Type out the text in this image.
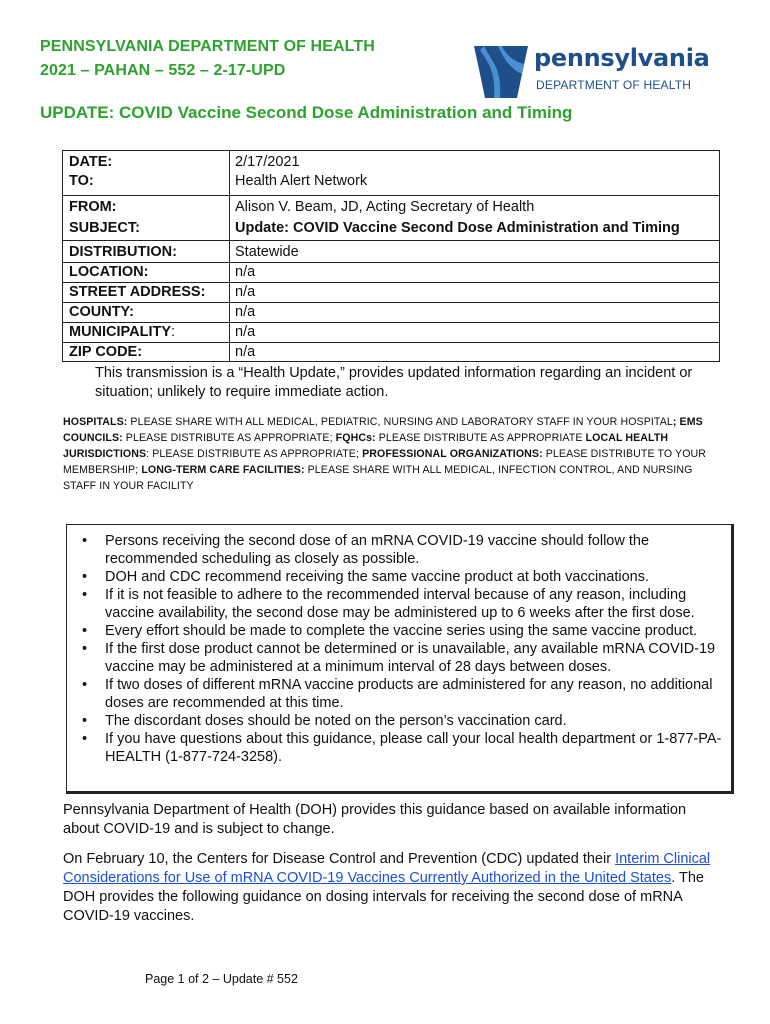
PENNSYLVANIA DEPARTMENT OF HEALTH
2021 – PAHAN – 552 – 2-17-UPD	pennsylvania
DEPARTMENT OF HEALTH
UPDATE: COVID Vaccine Second Dose Administration and Timing
DATE:	2/17/2021
TO:	Health Alert Network
FROM:	Alison V. Beam, JD, Acting Secretary of Health
SUBJECT:	Update: COVID Vaccine Second Dose Administration and Timing
DISTRIBUTION:	Statewide
LOCATION:	n/a
STREET ADDRESS: n/a
COUNTY:	n/a
MUNICIPALITY:	n/a
ZIP CODE:	n/a
This transmission is a “Health Update,” provides updated information regarding an incident or situation; unlikely to require immediate action.
HOSPITALS: PLEASE SHARE WITH ALL MEDICAL, PEDIATRIC, NURSING AND LABORATORY STAFF IN YOUR HOSPITAL; EMS COUNCILS: PLEASE DISTRIBUTE AS APPROPRIATE; FQHCs: PLEASE DISTRIBUTE AS APPROPRIATE LOCAL HEALTH JURISDICTIONS: PLEASE DISTRIBUTE AS APPROPRIATE; PROFESSIONAL ORGANIZATIONS: PLEASE DISTRIBUTE TO YOUR MEMBERSHIP; LONG-TERM CARE FACILITIES: PLEASE SHARE WITH ALL MEDICAL, INFECTION CONTROL, AND NURSING STAFF IN YOUR FACILITY
• Persons receiving the second dose of an mRNA COVID-19 vaccine should follow the recommended scheduling as closely as possible.
• DOH and CDC recommend receiving the same vaccine product at both vaccinations.
• If it is not feasible to adhere to the recommended interval because of any reason, including vaccine availability, the second dose may be administered up to 6 weeks after the first dose.
• Every effort should be made to complete the vaccine series using the same vaccine product.
• If the first dose product cannot be determined or is unavailable, any available mRNA COVID-19 vaccine may be administered at a minimum interval of 28 days between doses.
• If two doses of different mRNA vaccine products are administered for any reason, no additional doses are recommended at this time.
• The discordant doses should be noted on the person’s vaccination card.
• If you have questions about this guidance, please call your local health department or 1-877-PA-HEALTH (1-877-724-3258).
Pennsylvania Department of Health (DOH) provides this guidance based on available information about COVID-19 and is subject to change.
On February 10, the Centers for Disease Control and Prevention (CDC) updated their Interim Clinical Considerations for Use of mRNA COVID-19 Vaccines Currently Authorized in the United States. The DOH provides the following guidance on dosing intervals for receiving the second dose of mRNA COVID-19 vaccines.
Page 1 of 2 – Update # 552
